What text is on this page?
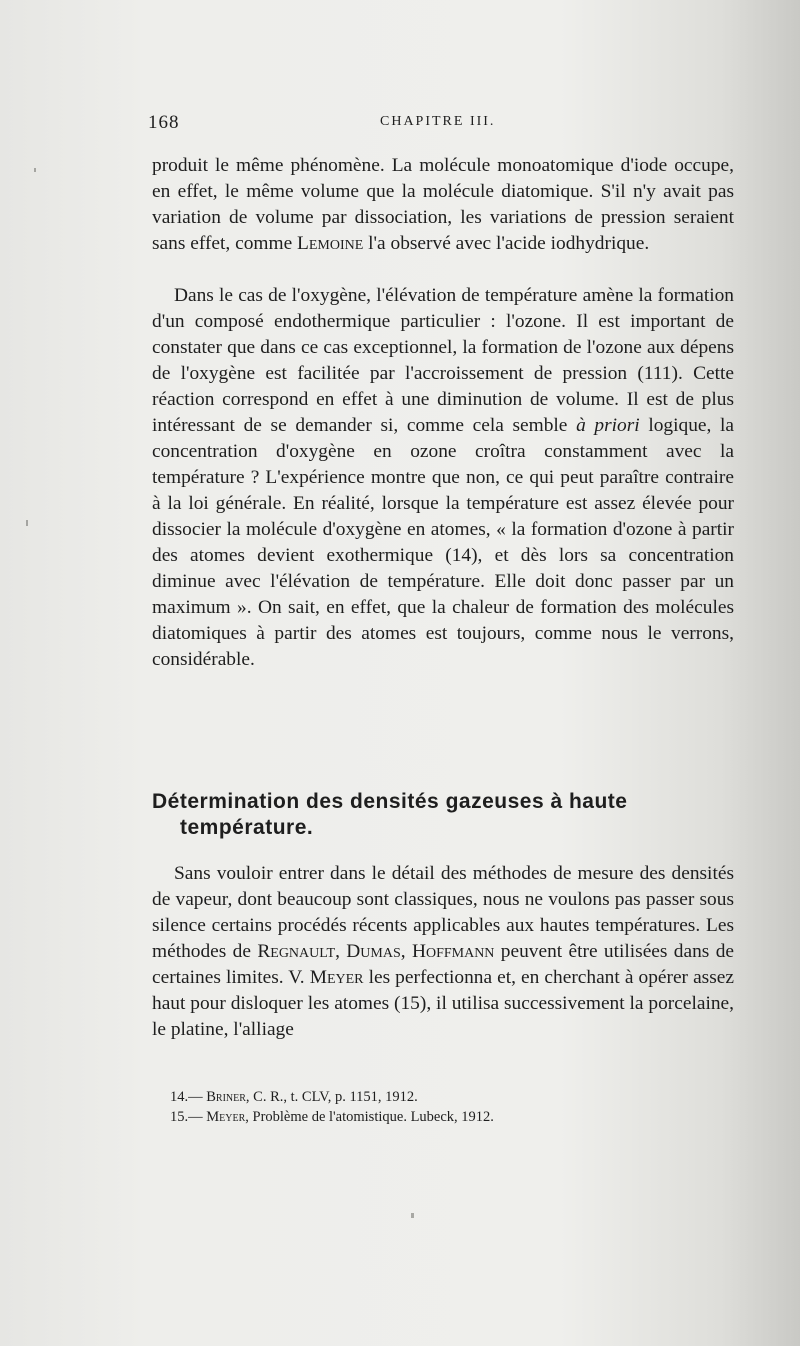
168	CHAPITRE III.

produit le même phénomène. La molécule monoatomique d'iode occupe, en effet, le même volume que la molécule diatomique. S'il n'y avait pas variation de volume par dissociation, les variations de pression seraient sans effet, comme Lemoine l'a observé avec l'acide iodhydrique.

Dans le cas de l'oxygène, l'élévation de température amène la formation d'un composé endothermique particulier : l'ozone. Il est important de constater que dans ce cas exceptionnel, la formation de l'ozone aux dépens de l'oxygène est facilitée par l'accroissement de pression (111). Cette réaction correspond en effet à une diminution de volume. Il est de plus intéressant de se demander si, comme cela semble à priori logique, la concentration d'oxygène en ozone croîtra constamment avec la température ? L'expérience montre que non, ce qui peut paraître contraire à la loi générale. En réalité, lorsque la température est assez élevée pour dissocier la molécule d'oxygène en atomes, « la formation d'ozone à partir des atomes devient exothermique (14), et dès lors sa concentration diminue avec l'élévation de température. Elle doit donc passer par un maximum ». On sait, en effet, que la chaleur de formation des molécules diatomiques à partir des atomes est toujours, comme nous le verrons, considérable.

Détermination des densités gazeuses à haute
température.

Sans vouloir entrer dans le détail des méthodes de mesure des densités de vapeur, dont beaucoup sont classiques, nous ne voulons pas passer sous silence certains procédés récents applicables aux hautes températures. Les méthodes de Regnault, Dumas, Hoffmann peuvent être utilisées dans de certaines limites. V. Meyer les perfectionna et, en cherchant à opérer assez haut pour disloquer les atomes (15), il utilisa successivement la porcelaine, le platine, l'alliage

14.— Briner, C. R., t. CLV, p. 1151, 1912.
15.— Meyer, Problème de l'atomistique. Lubeck, 1912.
